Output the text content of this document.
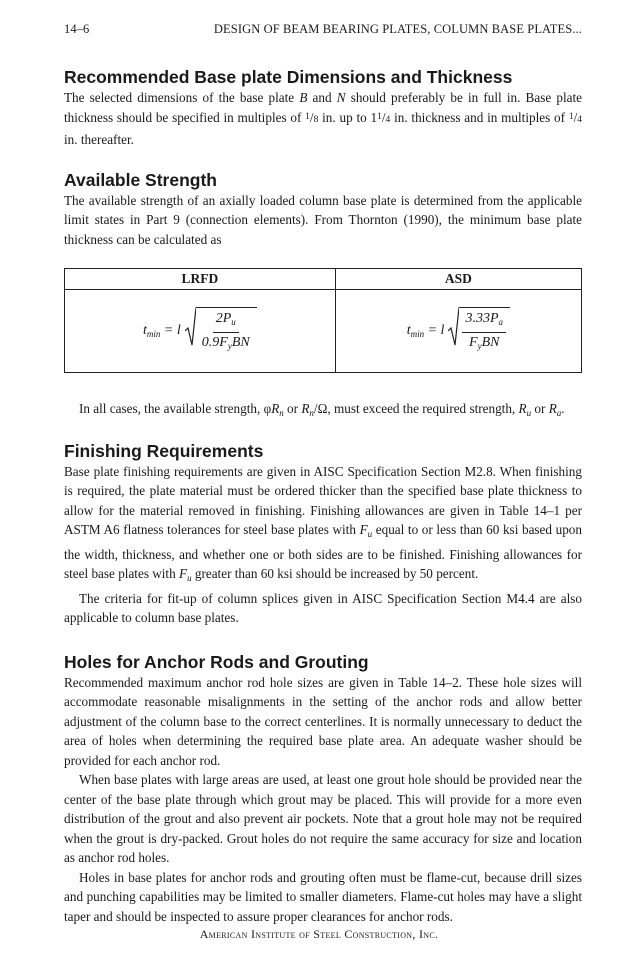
14–6	DESIGN OF BEAM BEARING PLATES, COLUMN BASE PLATES...
Recommended Base plate Dimensions and Thickness

The selected dimensions of the base plate B and N should preferably be in full in. Base plate thickness should be specified in multiples of $^1$/8 in. up to $1^1/4$ in. thickness and in multiples of $^1$/4 in. thereafter.

Available Strength

The available strength of an axially loaded column base plate is determined from the applicable limit states in Part 9 (connection elements). From Thornton (1990), the minimum base plate thickness can be calculated as

LRFD	ASD

$t_{min} = l \frac{2P_u}{0.9F_yBN}$	$t_{min} = l \frac{3.33P_a}{F_yBN}$

In all cases, the available strength, $\varphi R_n$ or $R_n/\Omega$, must exceed the required strength, $R_u$ or $R_a$.

Finishing Requirements

Base plate finishing requirements are given in AISC Specification Section M2.8. When finishing is required, the plate material must be ordered thicker than the specified base plate thickness to allow for the material removed in finishing. Finishing allowances are given in Table 14–1 per ASTM A6 flatness tolerances for steel base plates with $F_u$ equal to or less than 60 ksi based upon the width, thickness, and whether one or both sides are to be finished. Finishing allowances for steel base plates with $F_u$ greater than 60 ksi should be increased by 50 percent.

The criteria for fit-up of column splices given in AISC Specification Section M4.4 are also applicable to column base plates.

Holes for Anchor Rods and Grouting

Recommended maximum anchor rod hole sizes are given in Table 14–2. These hole sizes will accommodate reasonable misalignments in the setting of the anchor rods and allow better adjustment of the column base to the correct centerlines. It is normally unnecessary to deduct the area of holes when determining the required base plate area. An adequate washer should be provided for each anchor rod.

When base plates with large areas are used, at least one grout hole should be provided near the center of the base plate through which grout may be placed. This will provide for a more even distribution of the grout and also prevent air pockets. Note that a grout hole may not be required when the grout is dry-packed. Grout holes do not require the same accuracy for size and location as anchor rod holes.

Holes in base plates for anchor rods and grouting often must be flame-cut, because drill sizes and punching capabilities may be limited to smaller diameters. Flame-cut holes may have a slight taper and should be inspected to assure proper clearances for anchor rods.

American Institute of Steel Construction, Inc.
